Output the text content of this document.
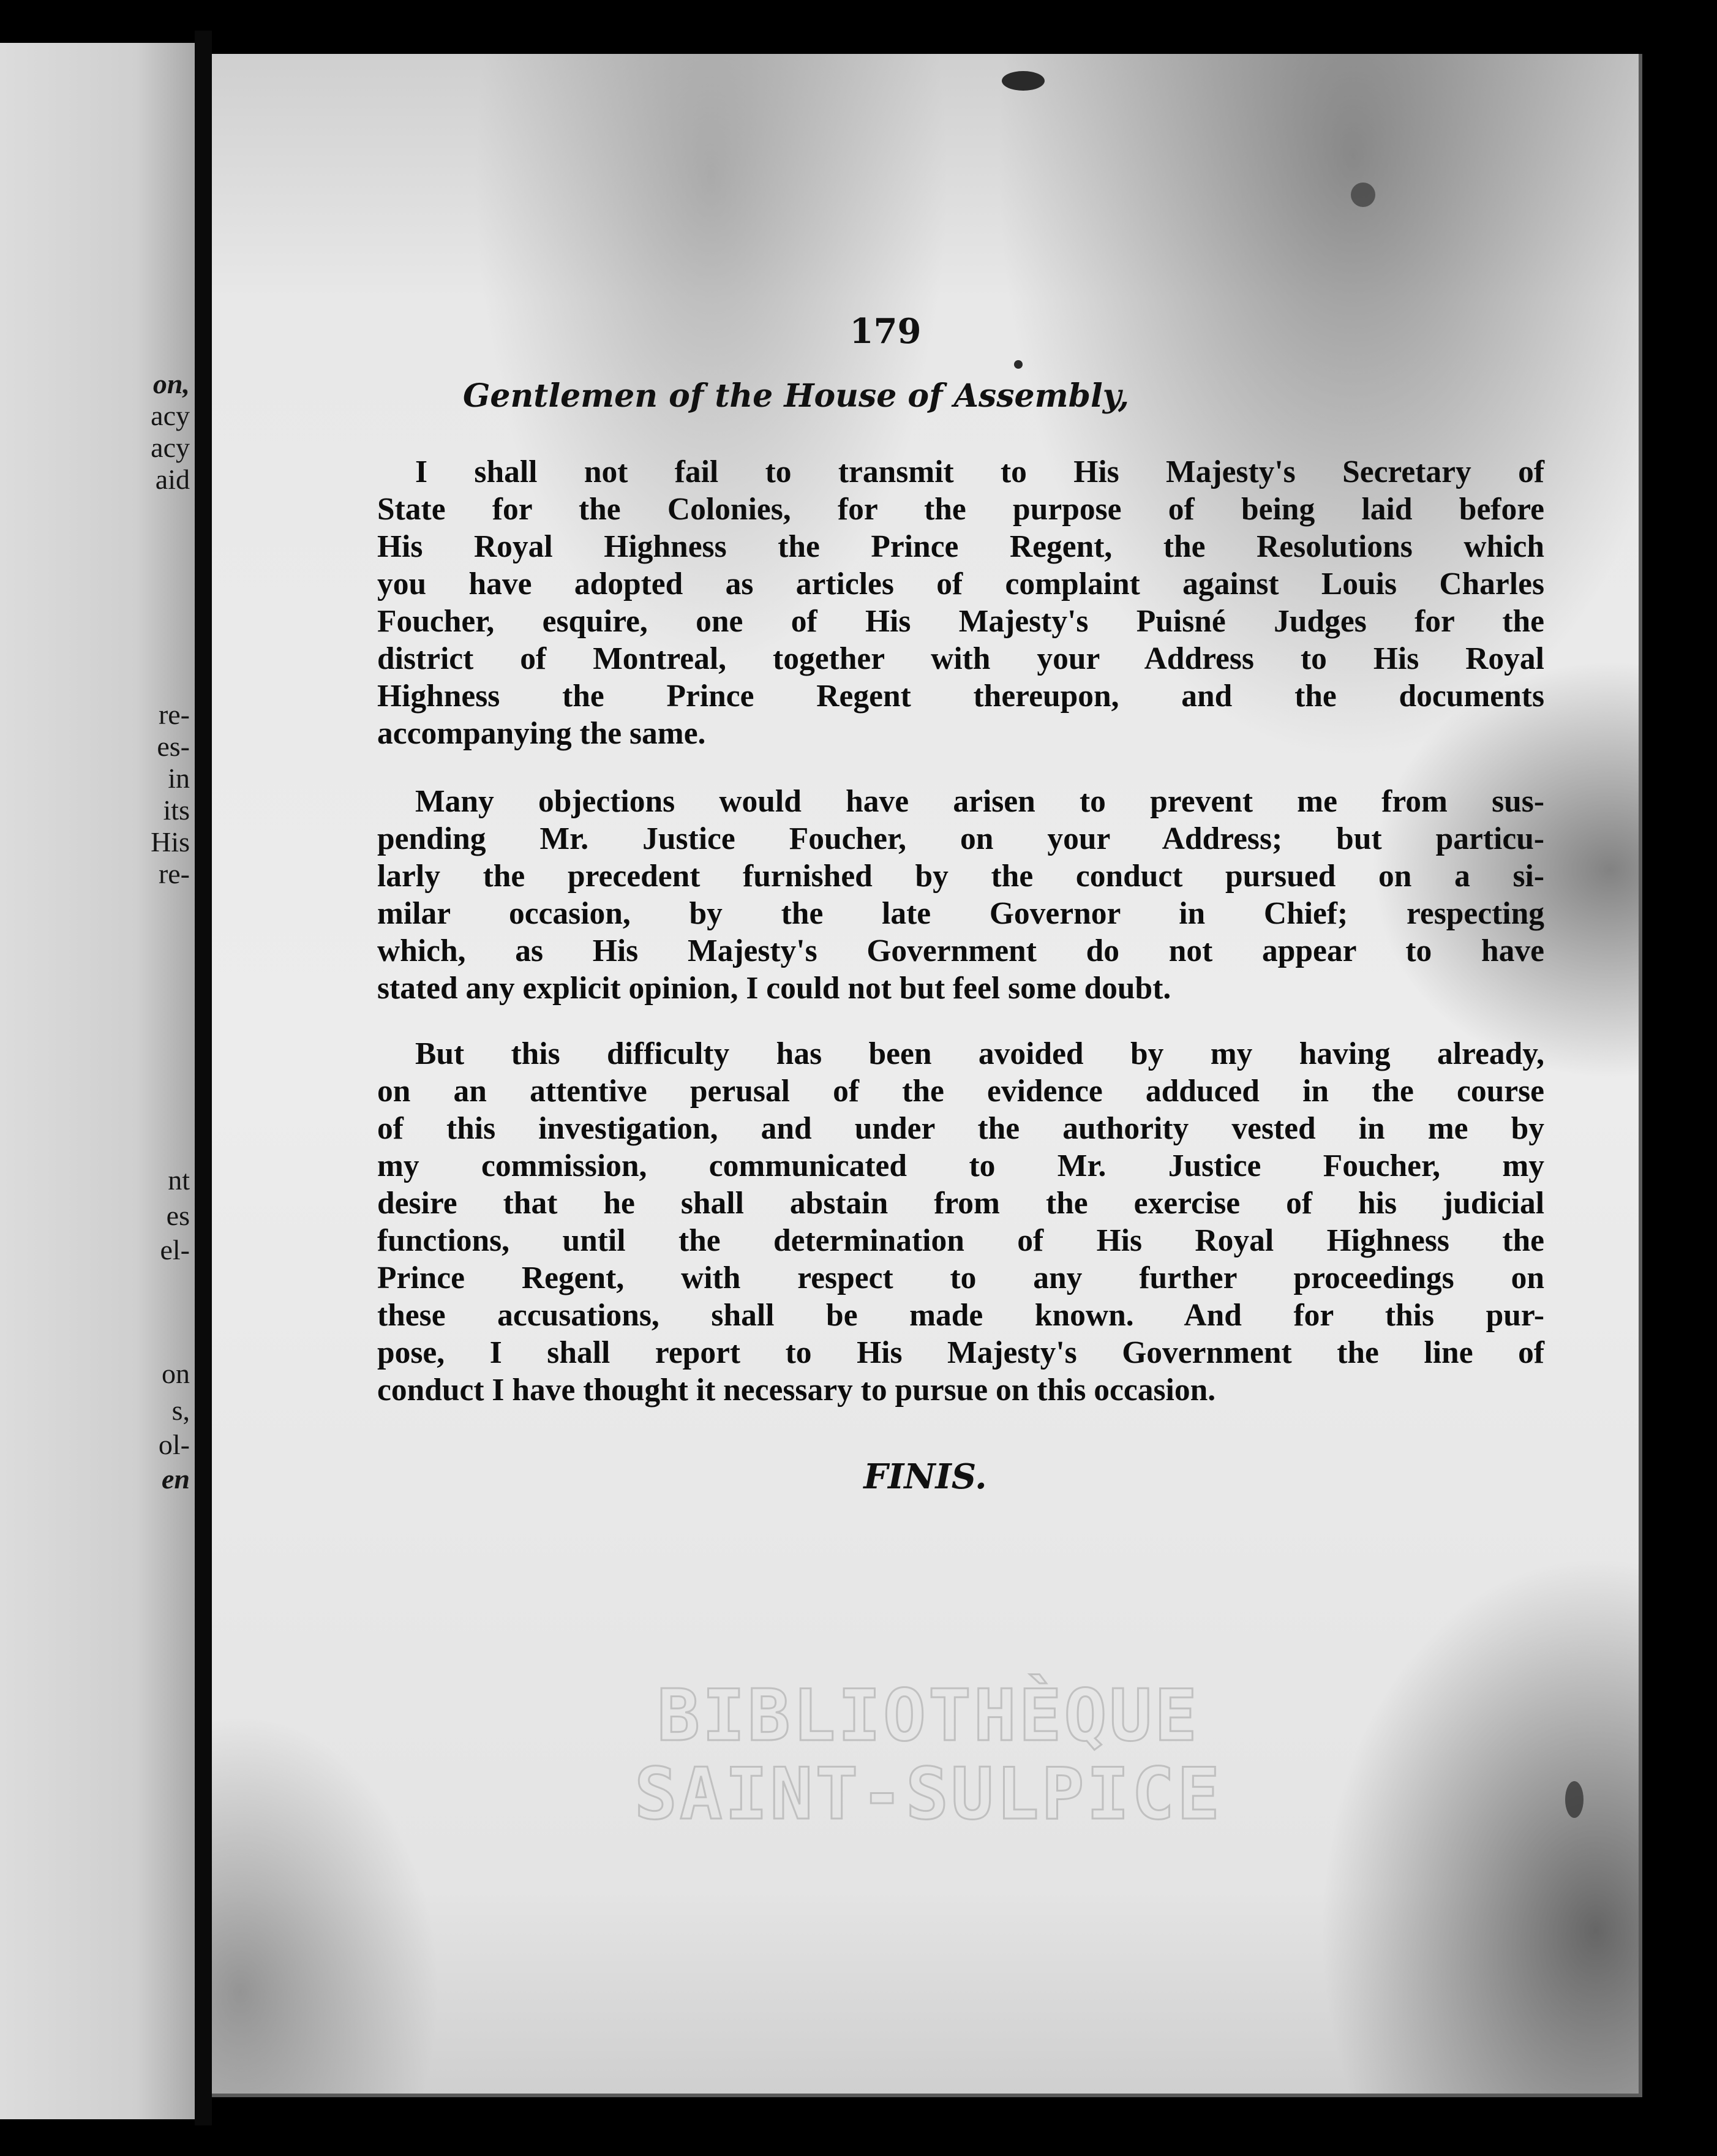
on,
acy
acy
aid
re-
es-
in
its
His
re-
nt
es
el-
on
s,
ol-
en
179
Gentlemen of the House of Assembly,
I shall not fail to transmit to His Majesty's Secretary of
State for the Colonies, for the purpose of being laid before
His Royal Highness the Prince Regent, the Resolutions which
you have adopted as articles of complaint against Louis Charles
Foucher, esquire, one of His Majesty's Puisné Judges for the
district of Montreal, together with your Address to His Royal
Highness the Prince Regent thereupon, and the documents
accompanying the same.
Many objections would have arisen to prevent me from sus-
pending Mr. Justice Foucher, on your Address; but particu-
larly the precedent furnished by the conduct pursued on a si-
milar occasion, by the late Governor in Chief; respecting
which, as His Majesty's Government do not appear to have
stated any explicit opinion, I could not but feel some doubt.
But this difficulty has been avoided by my having already,
on an attentive perusal of the evidence adduced in the course
of this investigation, and under the authority vested in me by
my commission, communicated to Mr. Justice Foucher, my
desire that he shall abstain from the exercise of his judicial
functions, until the determination of His Royal Highness the
Prince Regent, with respect to any further proceedings on
these accusations, shall be made known. And for this pur-
pose, I shall report to His Majesty's Government the line of
conduct I have thought it necessary to pursue on this occasion.
FINIS.
BIBLIOTHÈQUE
SAINT-SULPICE
